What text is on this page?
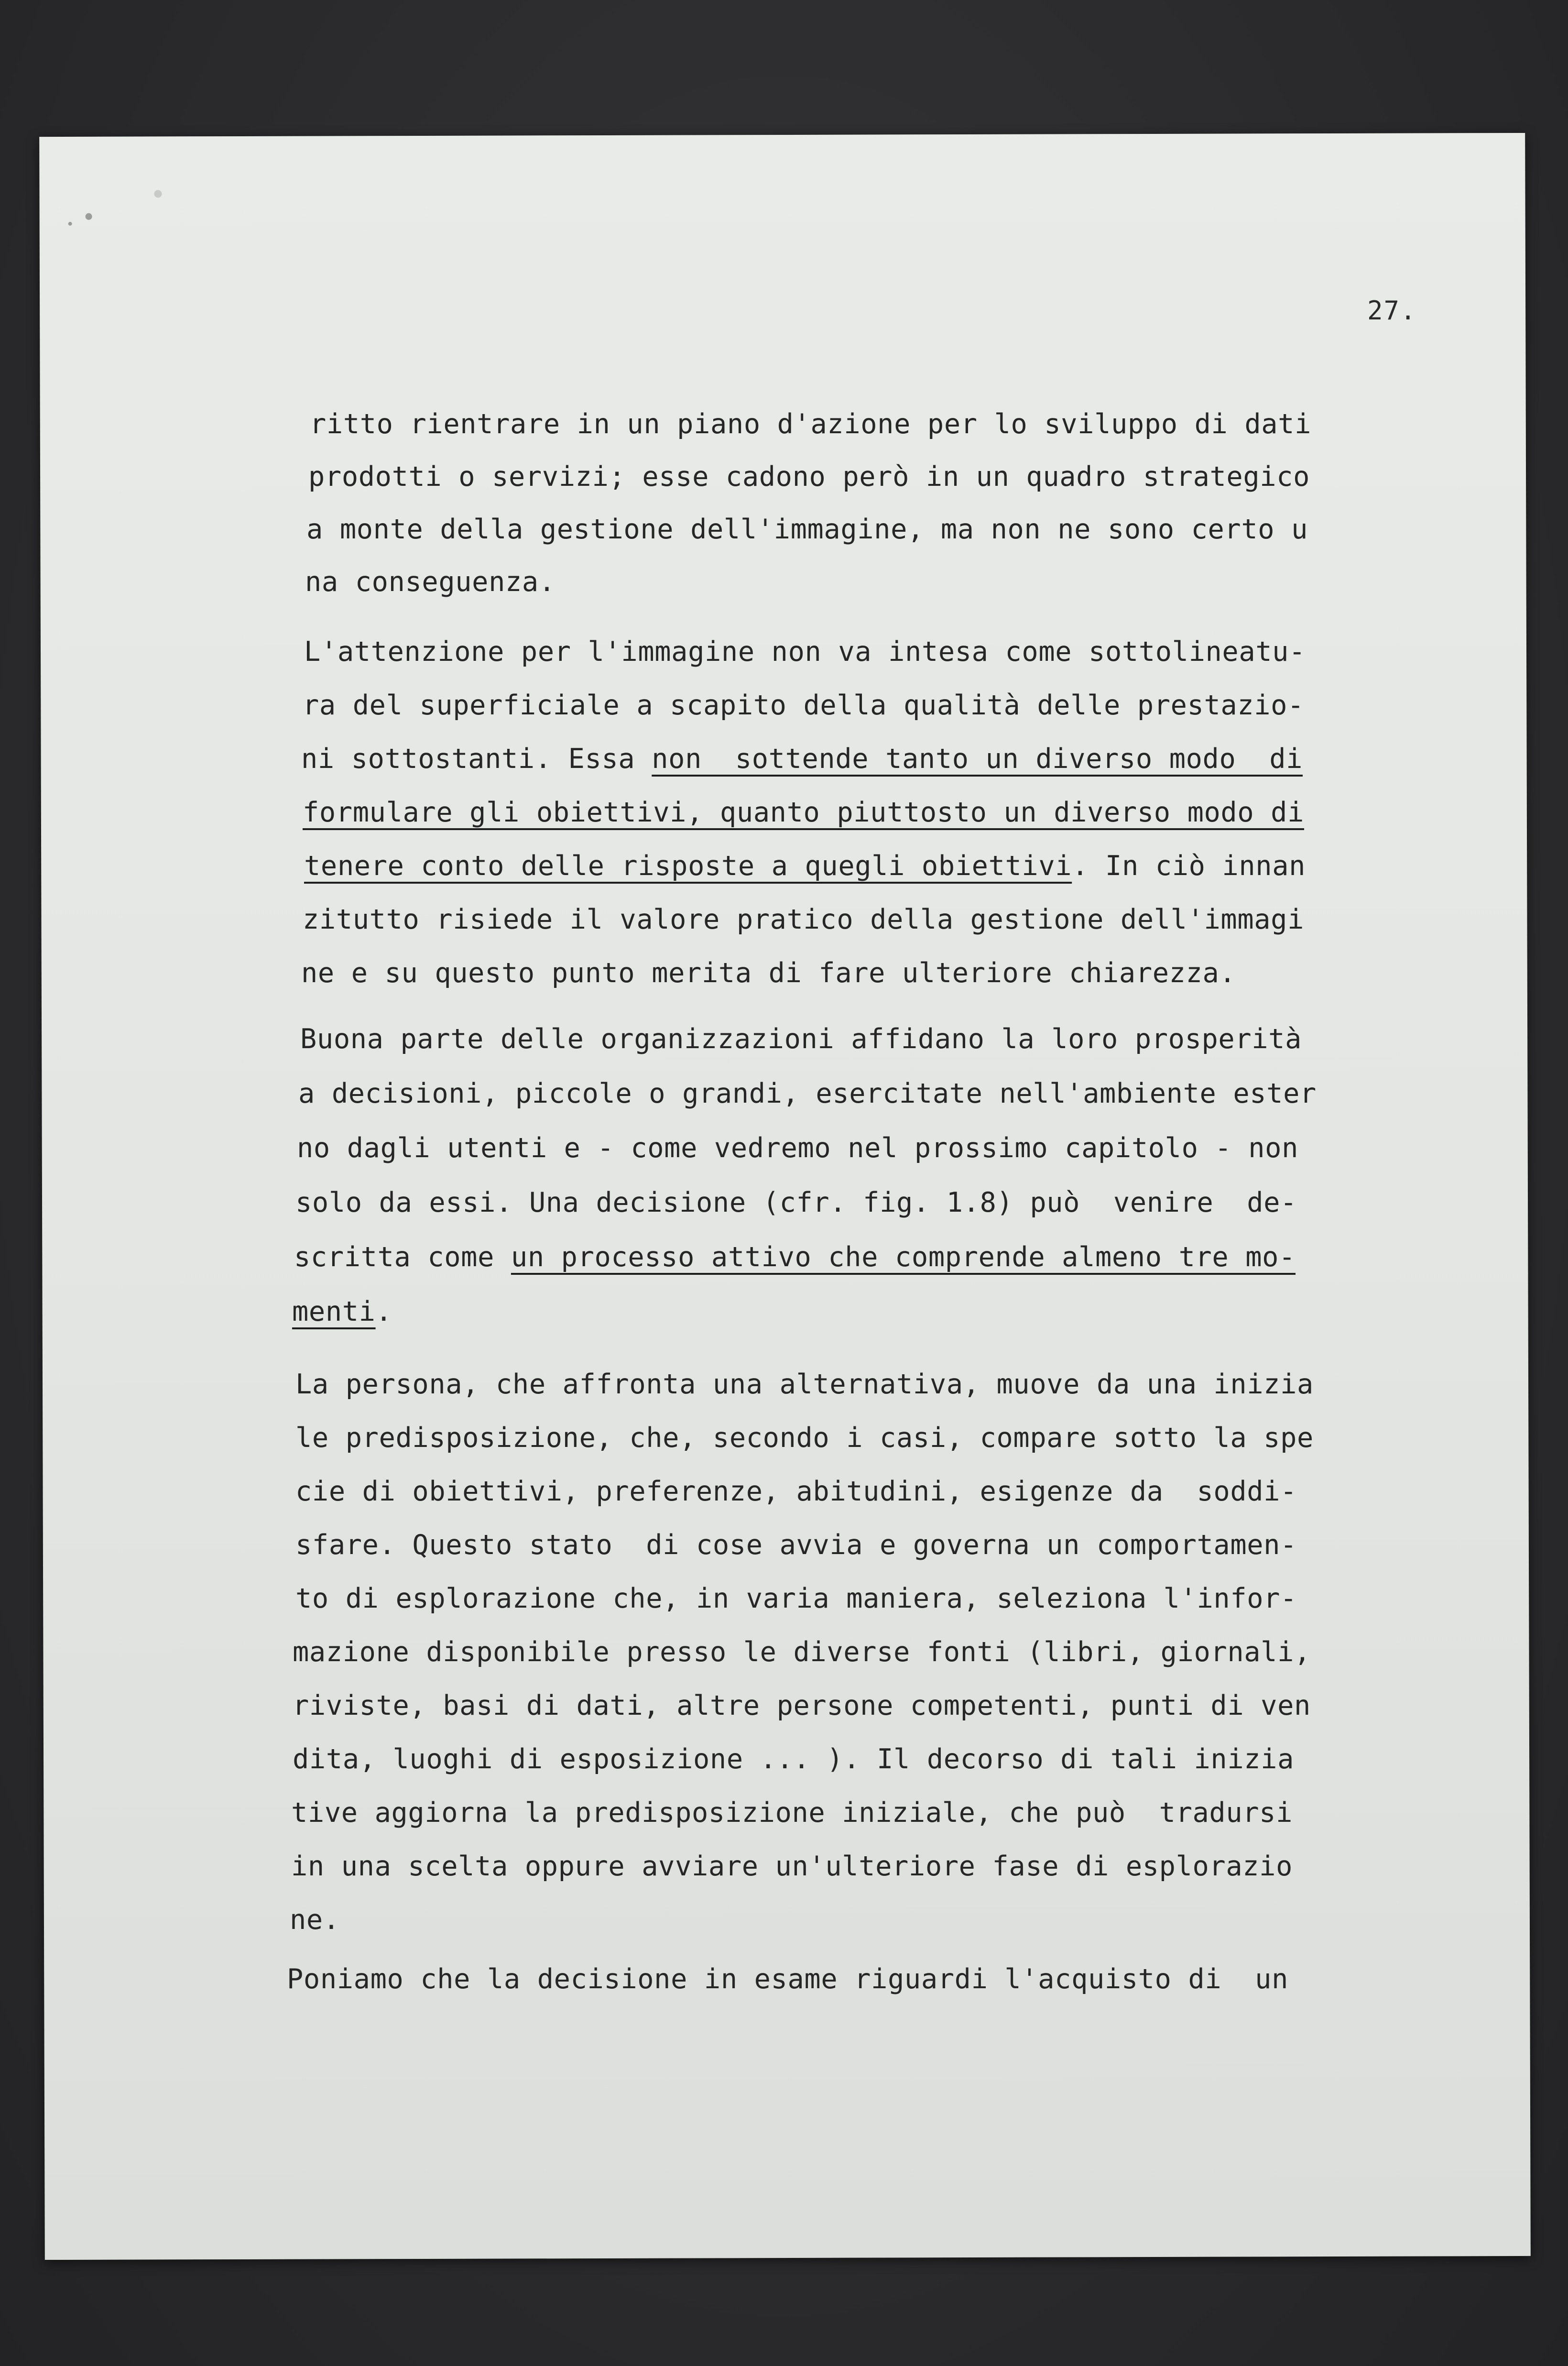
27.
ritto rientrare in un piano d'azione per lo sviluppo di dati
prodotti o servizi; esse cadono però in un quadro strategico
a monte della gestione dell'immagine, ma non ne sono certo u
na conseguenza.
L'attenzione per l'immagine non va intesa come sottolineatu-
ra del superficiale a scapito della qualità delle prestazio-
ni sottostanti. Essa non  sottende tanto un diverso modo  di
formulare gli obiettivi, quanto piuttosto un diverso modo di
tenere conto delle risposte a quegli obiettivi. In ciò innan
zitutto risiede il valore pratico della gestione dell'immagi
ne e su questo punto merita di fare ulteriore chiarezza.
Buona parte delle organizzazioni affidano la loro prosperità
a decisioni, piccole o grandi, esercitate nell'ambiente ester
no dagli utenti e - come vedremo nel prossimo capitolo - non
solo da essi. Una decisione (cfr. fig. 1.8) può  venire  de-
scritta come un processo attivo che comprende almeno tre mo-
menti.
La persona, che affronta una alternativa, muove da una inizia
le predisposizione, che, secondo i casi, compare sotto la spe
cie di obiettivi, preferenze, abitudini, esigenze da  soddi-
sfare. Questo stato  di cose avvia e governa un comportamen-
to di esplorazione che, in varia maniera, seleziona l'infor-
mazione disponibile presso le diverse fonti (libri, giornali,
riviste, basi di dati, altre persone competenti, punti di ven
dita, luoghi di esposizione ... ). Il decorso di tali inizia
tive aggiorna la predisposizione iniziale, che può  tradursi
in una scelta oppure avviare un'ulteriore fase di esplorazio
ne.
Poniamo che la decisione in esame riguardi l'acquisto di  un
